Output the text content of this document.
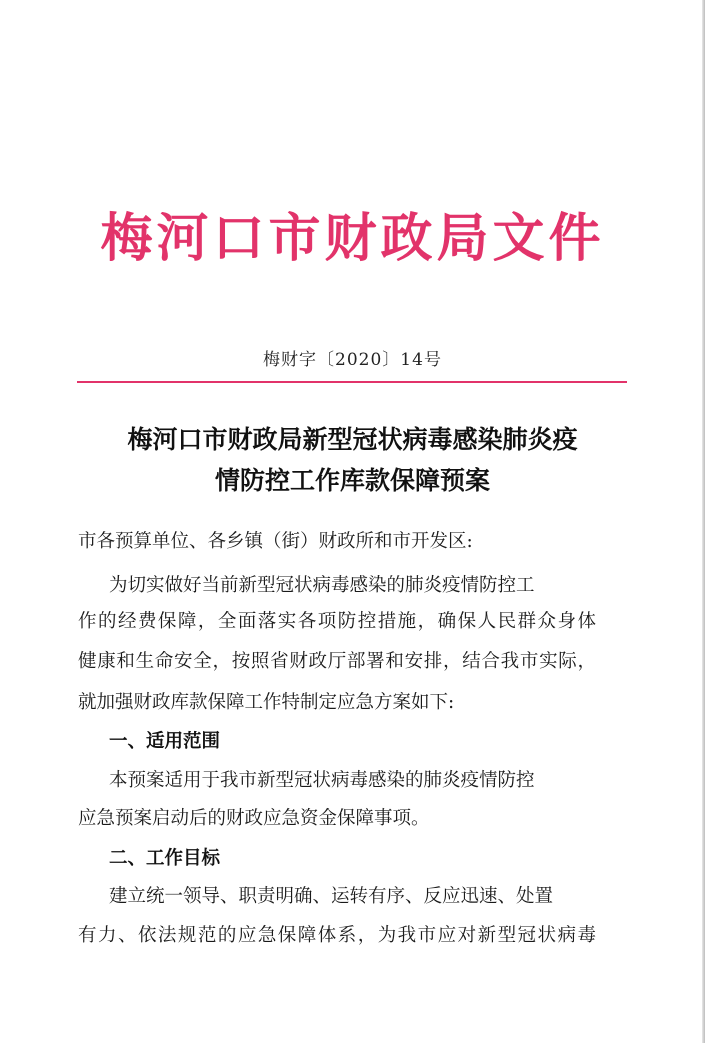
梅河口市财政局文件
梅财字〔2020〕14号
梅河口市财政局新型冠状病毒感染肺炎疫
情防控工作库款保障预案
市各预算单位、各乡镇（街）财政所和市开发区:
为切实做好当前新型冠状病毒感染的肺炎疫情防控工
作的经费保障，全面落实各项防控措施，确保人民群众身体
健康和生命安全，按照省财政厅部署和安排，结合我市实际，
就加强财政库款保障工作特制定应急方案如下:
一、适用范围
本预案适用于我市新型冠状病毒感染的肺炎疫情防控
应急预案启动后的财政应急资金保障事项。
二、工作目标
建立统一领导、职责明确、运转有序、反应迅速、处置
有力、依法规范的应急保障体系，为我市应对新型冠状病毒
